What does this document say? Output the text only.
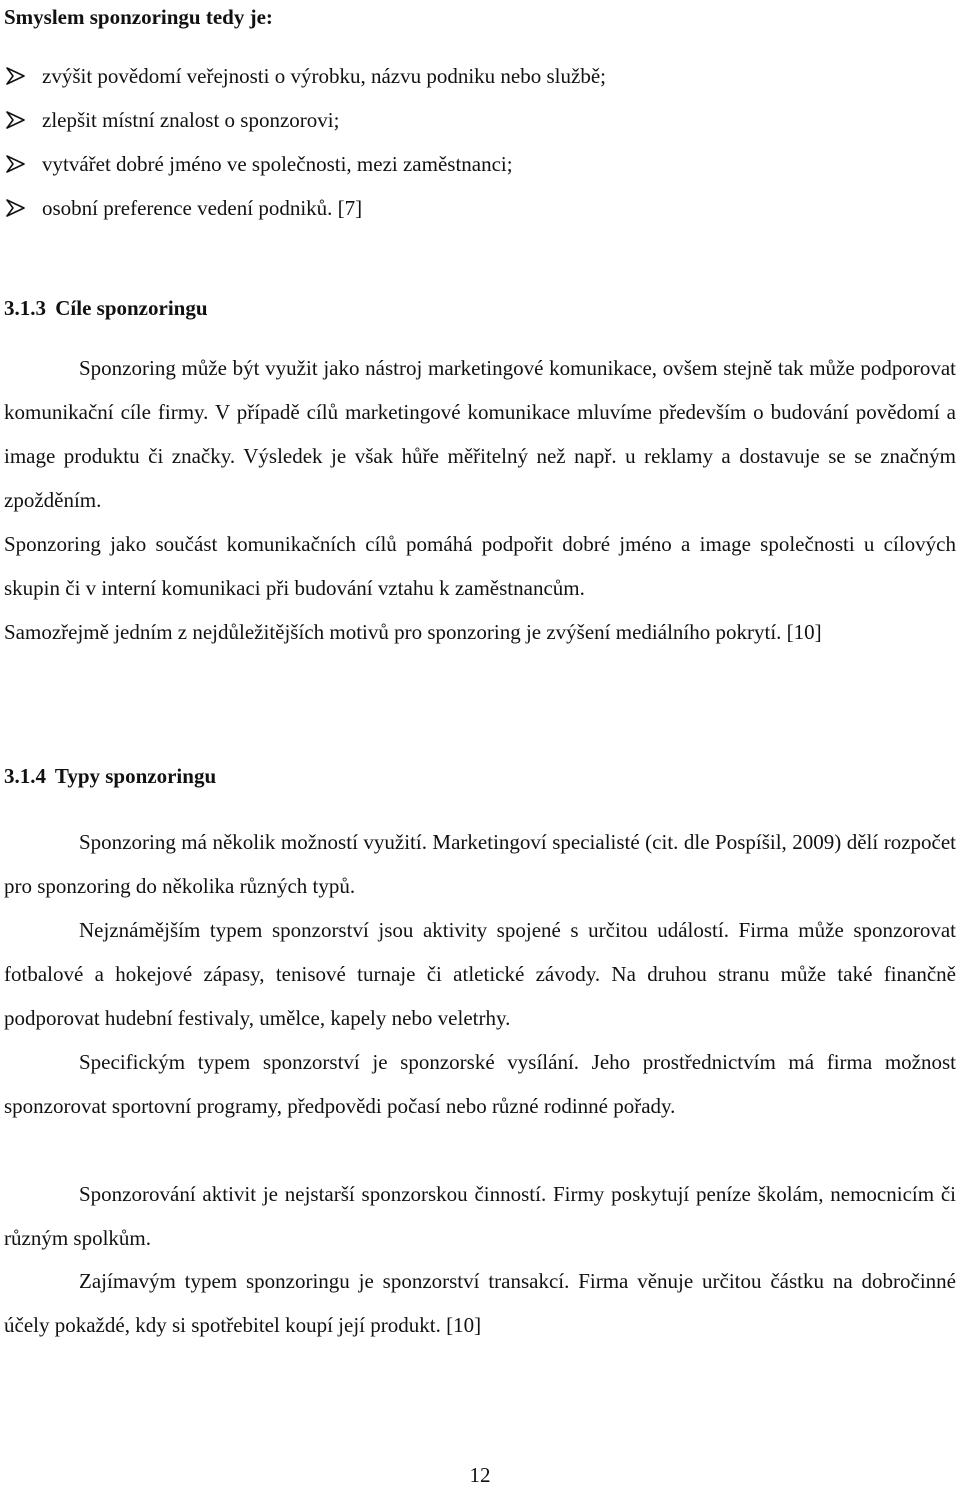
Smyslem sponzoringu tedy je:

zvýšit povědomí veřejnosti o výrobku, názvu podniku nebo službě;
zlepšit místní znalost o sponzorovi;
vytvářet dobré jméno ve společnosti, mezi zaměstnanci;
osobní preference vedení podniků. [7]

3.1.3 Cíle sponzoringu

Sponzoring může být využit jako nástroj marketingové komunikace, ovšem stejně tak může podporovat komunikační cíle firmy. V případě cílů marketingové komunikace mluvíme především o budování povědomí a image produktu či značky. Výsledek je však hůře měřitelný než např. u reklamy a dostavuje se se značným zpožděním.

Sponzoring jako součást komunikačních cílů pomáhá podpořit dobré jméno a image společnosti u cílových skupin či v interní komunikaci při budování vztahu k zaměstnancům.

Samozřejmě jedním z nejdůležitějších motivů pro sponzoring je zvýšení mediálního pokrytí. [10]

3.1.4 Typy sponzoringu

Sponzoring má několik možností využití. Marketingoví specialisté (cit. dle Pospíšil, 2009) dělí rozpočet pro sponzoring do několika různých typů.

Nejznámějším typem sponzorství jsou aktivity spojené s určitou událostí. Firma může sponzorovat fotbalové a hokejové zápasy, tenisové turnaje či atletické závody. Na druhou stranu může také finančně podporovat hudební festivaly, umělce, kapely nebo veletrhy.

Specifickým typem sponzorství je sponzorské vysílání. Jeho prostřednictvím má firma možnost sponzorovat sportovní programy, předpovědi počasí nebo různé rodinné pořady.

Sponzorování aktivit je nejstarší sponzorskou činností. Firmy poskytují peníze školám, nemocnicím či různým spolkům.

Zajímavým typem sponzoringu je sponzorství transakcí. Firma věnuje určitou částku na dobročinné účely pokaždé, kdy si spotřebitel koupí její produkt. [10]

12
